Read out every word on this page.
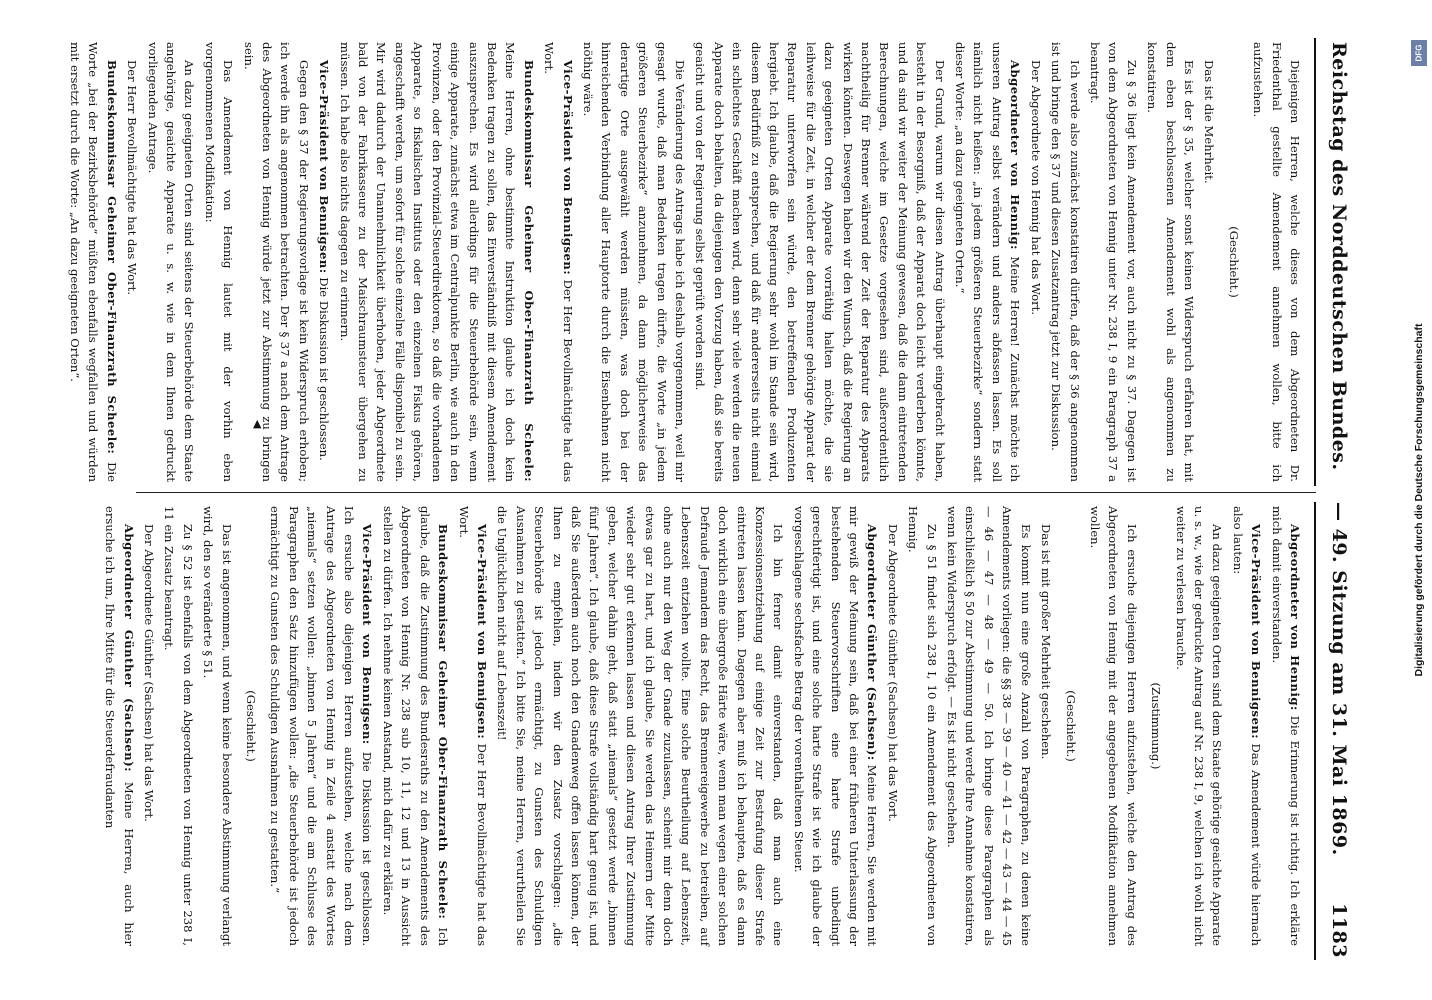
Reichstag des Norddeutschen Bundes.
— 49. Sitzung am 31. Mai 1869.
1183

Diejenigen Herren, welche dieses von dem Abgeordneten Dr. Friedenthal gestellte Amendement annehmen wollen, bitte ich aufzustehen.

(Geschieht.)

Das ist die Mehrheit.

Es ist der § 35, welcher sonst keinen Widerspruch erfahren hat, mit dem eben beschlossenen Amendement wohl als angenommen zu konstatiren.

Zu § 36 liegt kein Amendement vor, auch nicht zu § 37. Dagegen ist von dem Abgeordneten von Hennig unter Nr. 238 I, 9 ein Paragraph 37 a beantragt.

Ich werde also zunächst konstatiren dürfen, daß der § 36 angenommen ist und bringe den § 37 und diesen Zusatzantrag jetzt zur Diskussion.

Der Abgeordnete von Hennig hat das Wort.

Abgeordneter von Hennig: Meine Herren! Zunächst möchte ich unseren Antrag selbst verändern und anders abfassen lassen. Es soll nämlich nicht heißen: „in jedem größeren Steuerbezirke“ sondern statt dieser Worte: „an dazu geeigneten Orten.“

Der Grund, warum wir diesen Antrag überhaupt eingebracht haben, besteht in der Besorgniß, daß der Apparat doch leicht verderben könnte, und da sind wir weiter der Meinung gewesen, daß die dann eintretenden Berechnungen, welche im Gesetze vorgesehen sind, außerordentlich nachtheilig für Brenner während der Zeit der Reparatur des Apparats wirken könnten. Deswegen haben wir den Wunsch, daß die Regierung an dazu geeigneten Orten Apparate vorräthig halten möchte, die sie leihweise für die Zeit, in welcher der dem Brenner gehörige Apparat der Reparatur unterworfen sein würde, den betreffenden Produzenten hergiebt. Ich glaube, daß die Regierung sehr wohl im Stande sein wird, diesem Bedürfniß zu entsprechen, und daß für andererseits nicht einmal ein schlechtes Geschäft machen wird, denn sehr viele werden die neuen Apparate doch behalten, da diejenigen den Vorzug haben, daß sie bereits geaicht und von der Regierung selbst geprüft worden sind.

Die Veränderung des Antrags habe ich deshalb vorgenommen, weil mir gesagt wurde, daß man Bedenken tragen dürfte, die Worte „in jedem größeren Steuerbezirke“ anzunehmen, da dann möglicherweise das derartige Orte ausgewählt werden müssten, was doch bei der hinreichenden Verbindung aller Hauptorte durch die Eisenbahnen nicht nöthig wäre.

Vice-Präsident von Bennigsen: Der Herr Bevollmächtigte hat das Wort.

Bundeskommissar Geheimer Ober-Finanzrath Scheele: Meine Herren, ohne bestimmte Instruktion glaube ich doch kein Bedenken tragen zu sollen, das Einverständniß mit diesem Amendement auszusprechen. Es wird allerdings für die Steuerbehörde sein, wenn einige Apparate, zunächst etwa im Centralpunkte Berlin, wie auch in den Provinzen, oder den Provinzial-Steuerdirektoren, so daß die vorhandenen Apparate, so fiskalischen Instituts oder den einzelnen Fiskus gehören, angeschafft werden, um sofort für solche einzelne Fälle disponibel zu sein. Mir wird dadurch der Unannehmlichkeit überhoben, jeder Abgeordnete bald von der Fabrikasseure zu der Maischraumsteuer übergehen zu müssen. Ich habe also nichts dagegen zu erinnern.

Vice-Präsident von Bennigsen: Die Diskussion ist geschlossen.

Gegen den § 37 der Regierungsvorlage ist kein Widerspruch erhoben; ich werde ihn als angenommen betrachten. Der § 37 a nach dem Antrage des Abgeordneten von Hennig würde jetzt zur Abstimmung zu bringen sein.

Das Amendement von Hennig lautet mit der vorhin eben vorgenommenen Modifikation:

An dazu geeigneten Orten sind seitens der Steuerbehörde dem Staate angehörige, geaichte Apparate u. s. w. wie in dem Ihnen gedruckt vorliegenden Antrage.

Der Herr Bevollmächtigte hat das Wort.

Bundeskommissar Geheimer Ober-Finanzrath Scheele: Die Worte „bei der Bezirksbehörde“ müßten ebenfalls wegfallen und würden mit ersetzt durch die Worte: „An dazu geeigneten Orten“.

Abgeordneter von Hennig: Die Erinnerung ist richtig. Ich erkläre mich damit einverstanden.

Vice-Präsident von Bennigsen: Das Amendement würde hiernach also lauten:

An dazu geeigneten Orten sind dem Staate gehörige geaichte Apparate u. s. w., wie der gedruckte Antrag auf Nr. 238 I, 9, welchen ich wohl nicht weiter zu verlesen brauche.

(Zustimmung.)

Ich ersuche diejenigen Herren aufzustehen, welche den Antrag des Abgeordneten von Hennig mit der angegebenen Modifikation annehmen wollen.

(Geschieht.)

Das ist mit großer Mehrheit geschehen.

Es kommt nun eine große Anzahl von Paragraphen, zu denen keine Amendements vorliegen: die §§ 38 — 39 — 40 — 41 — 42 — 43 — 44 — 45 — 46 — 47 — 48 — 49 — 50. Ich bringe diese Paragraphen als einschließlich § 50 zur Abstimmung und werde Ihre Annahme konstatiren, wenn kein Widerspruch erfolgt. — Es ist nicht geschehen.

Zu § 51 findet sich 238 I, 10 ein Amendement des Abgeordneten von Hennig.

Der Abgeordnete Günther (Sachsen) hat das Wort.

Abgeordneter Günther (Sachsen): Meine Herren, Sie werden mit mir gewiß der Meinung sein, daß bei einer früheren Unterlassung der bestehenden Steuervorschriften eine harte Strafe unbedingt gerechtfertigt ist, und eine solche harte Strafe ist wie ich glaube der vorgeschlagene sechsfache Betrag der vorenthaltenen Steuer.

Ich bin ferner damit einverstanden, daß man auch eine Konzessionsentziehung auf einige Zeit zur Bestrafung dieser Strafe eintreten lassen kann. Dagegen aber muß ich behaupten, daß es dann doch wirklich eine übergroße Härte wäre, wenn man wegen einer solchen Defraude Jemandem das Recht, das Brennereigewerbe zu betreiben, auf Lebenszeit entziehen wollte. Eine solche Beurtheilung auf Lebenszeit, ohne auch nur den Weg der Gnade zuzulassen, scheint mir denn doch etwas gar zu hart, und ich glaube, Sie werden das Heimern der Mitte wieder sehr gut erkennen lassen und diesen Antrag Ihrer Zustimmung geben, welcher dahin geht, daß statt „niemals“ gesetzt werde „binnen fünf Jahren“. Ich glaube, daß diese Strafe vollständig hart genug ist, und daß Sie außerdem auch noch den Gnadenweg offen lassen können, der Ihnen zu empfehlen, indem wir den Zusatz vorschlagen: „die Steuerbehörde ist jedoch ermächtigt, zu Gunsten des Schuldigen Ausnahmen zu gestatten.“ Ich bitte Sie, meine Herren, verurtheilen Sie die Unglücklichen nicht auf Lebenszeit!

Vice-Präsident von Bennigsen: Der Herr Bevollmächtigte hat das Wort.

Bundeskommissar Geheimer Ober-Finanzrath Scheele: Ich glaube, daß die Zustimmung des Bundesraths zu den Amendements des Abgeordneten von Hennig Nr. 238 sub 10, 11, 12 und 13 in Aussicht stellen zu dürfen. Ich nehme keinen Anstand, mich dafür zu erklären.

Vice-Präsident von Bennigsen: Die Diskussion ist geschlossen. Ich ersuche also diejenigen Herren aufzustehen, welche nach dem Antrage des Abgeordneten von Hennig in Zeile 4 anstatt des Wortes „niemals“ setzen wollen: „binnen 5 Jahren“ und die am Schlusse des Paragraphen den Satz hinzufügen wollen: „die Steuerbehörde ist jedoch ermächtigt zu Gunsten des Schuldigen Ausnahmen zu gestatten.“

(Geschieht.)

Das ist angenommen, und wenn keine besondere Abstimmung verlangt wird, den so veränderte § 51.

Zu § 52 ist ebenfalls von dem Abgeordneten von Hennig unter 238 I, 11 ein Zusatz beantragt.

Der Abgeordnete Günther (Sachsen) hat das Wort.

Abgeordneter Günther (Sachsen): Meine Herren, auch hier ersuche ich um, Ihre Mitte für die Steuerdefraudanten

▲
DFG
Digitalisierung gefördert durch die Deutsche Forschungsgemeinschaft
